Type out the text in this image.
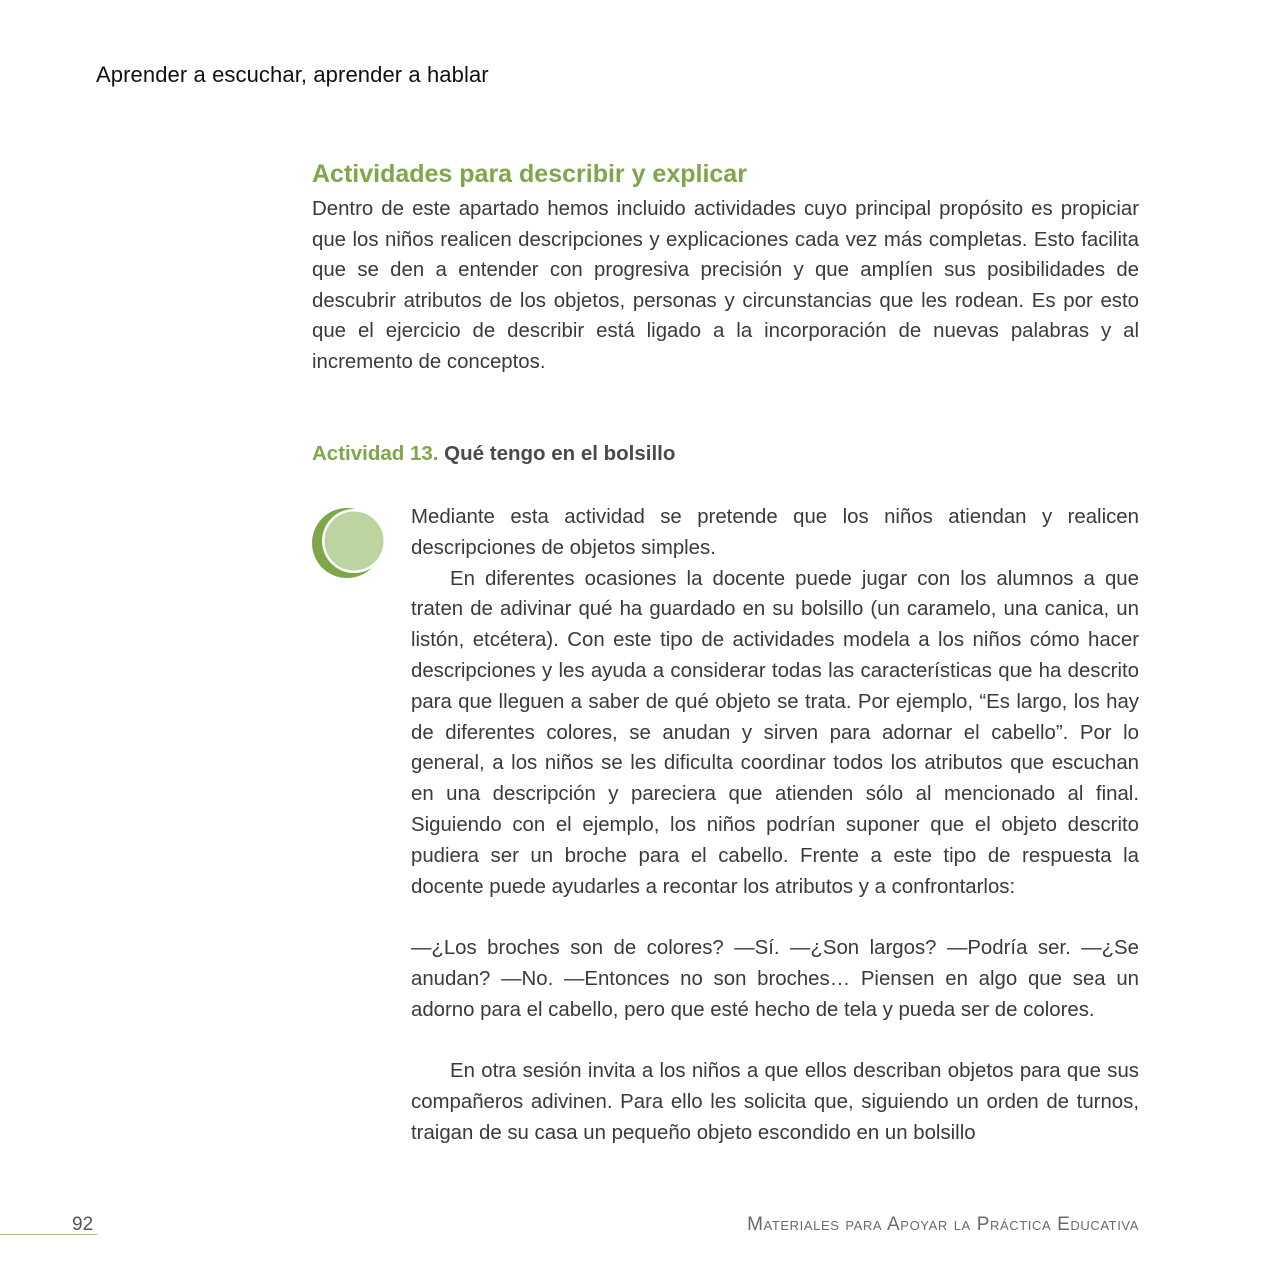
Aprender a escuchar, aprender a hablar
Actividades para describir y explicar

Dentro de este apartado hemos incluido actividades cuyo principal propósito es propiciar que los niños realicen descripciones y explicaciones cada vez más completas. Esto facilita que se den a entender con progresiva precisión y que amplíen sus posibilidades de descubrir atributos de los objetos, personas y circunstancias que les rodean. Es por esto que el ejercicio de describir está ligado a la incorporación de nuevas palabras y al incremento de conceptos.

Actividad 13. Qué tengo en el bolsillo

Mediante esta actividad se pretende que los niños atiendan y realicen descripciones de objetos simples.

En diferentes ocasiones la docente puede jugar con los alumnos a que traten de adivinar qué ha guardado en su bolsillo (un caramelo, una canica, un listón, etcétera). Con este tipo de actividades modela a los niños cómo hacer descripciones y les ayuda a considerar todas las características que ha descrito para que lleguen a saber de qué objeto se trata. Por ejemplo, “Es largo, los hay de diferentes colores, se anudan y sirven para adornar el cabello”. Por lo general, a los niños se les dificulta coordinar todos los atributos que escuchan en una descripción y pareciera que atienden sólo al mencionado al final. Siguiendo con el ejemplo, los niños podrían suponer que el objeto descrito pudiera ser un broche para el cabello. Frente a este tipo de respuesta la docente puede ayudarles a recontar los atributos y a confrontarlos:

—¿Los broches son de colores? —Sí. —¿Son largos? —Podría ser. —¿Se anudan? —No. —Entonces no son broches… Piensen en algo que sea un adorno para el cabello, pero que esté hecho de tela y pueda ser de colores.

En otra sesión invita a los niños a que ellos describan objetos para que sus compañeros adivinen. Para ello les solicita que, siguiendo un orden de turnos, traigan de su casa un pequeño objeto escondido en un bolsillo

92	Materiales para Apoyar la Práctica Educativa
